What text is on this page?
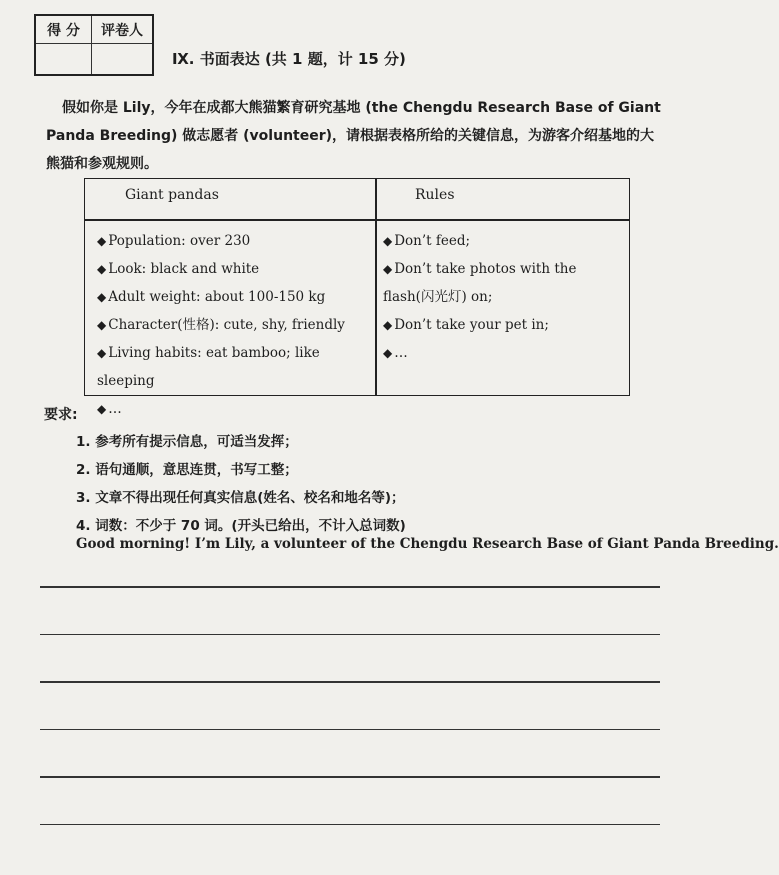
得 分	评卷人
Ⅸ. 书面表达 (共 1 题，计 15 分)
假如你是 Lily，今年在成都大熊猫繁育研究基地 (the Chengdu Research Base of Giant Panda Breeding) 做志愿者 (volunteer)，请根据表格所给的关键信息，为游客介绍基地的大熊猫和参观规则。
Giant pandas	Rules
◆ Population: over 230
◆ Look: black and white
◆ Adult weight: about 100-150 kg
◆ Character(性格): cute, shy, friendly
◆ Living habits: eat bamboo; like sleeping
◆ …
◆ Don’t feed;
◆ Don’t take photos with the flash(闪光灯) on;
◆ Don’t take your pet in;
◆ …
要求:
1. 参考所有提示信息，可适当发挥；
2. 语句通顺，意思连贯，书写工整；
3. 文章不得出现任何真实信息(姓名、校名和地名等)；
4. 词数：不少于 70 词。(开头已给出，不计入总词数)
Good morning! I’m Lily, a volunteer of the Chengdu Research Base of Giant Panda Breeding.
